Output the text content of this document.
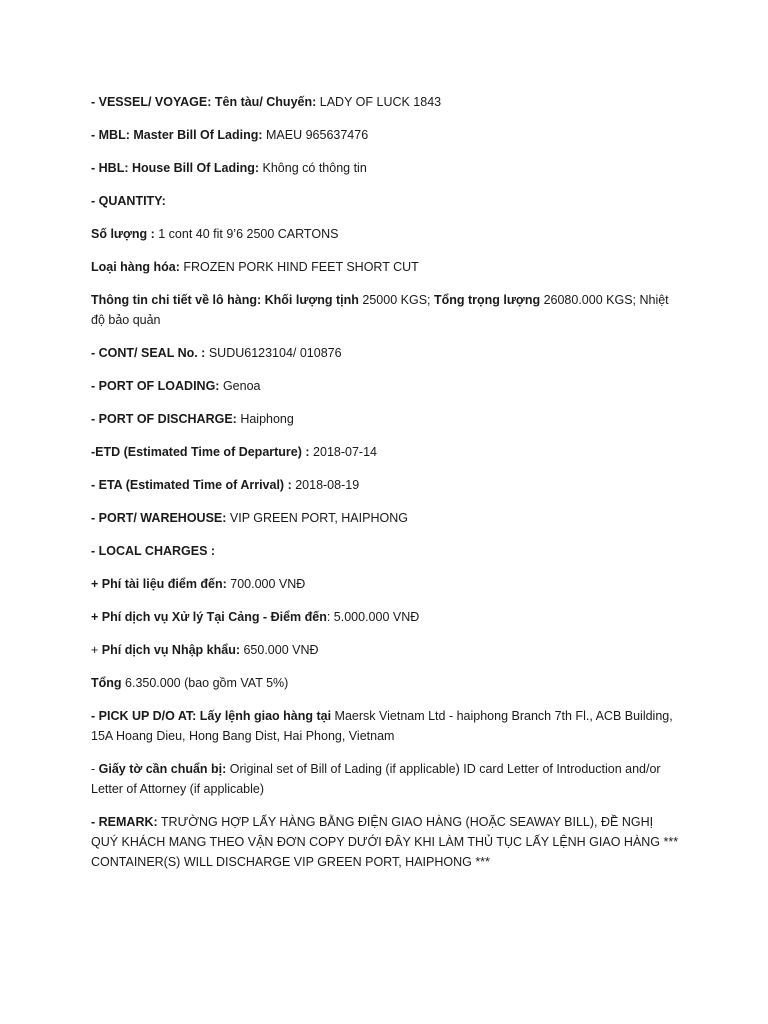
- VESSEL/ VOYAGE: Tên tàu/ Chuyến: LADY OF LUCK 1843

- MBL: Master Bill Of Lading: MAEU 965637476

- HBL: House Bill Of Lading: Không có thông tin

- QUANTITY:

Số lượng : 1 cont 40 fit 9’6 2500 CARTONS

Loại hàng hóa: FROZEN PORK HIND FEET SHORT CUT

Thông tin chi tiết về lô hàng: Khối lượng tịnh 25000 KGS; Tổng trọng lượng 26080.000 KGS; Nhiệt độ bảo quản

- CONT/ SEAL No. : SUDU6123104/ 010876

- PORT OF LOADING: Genoa

- PORT OF DISCHARGE: Haiphong

-ETD (Estimated Time of Departure) : 2018-07-14

- ETA (Estimated Time of Arrival) : 2018-08-19

- PORT/ WAREHOUSE: VIP GREEN PORT, HAIPHONG

- LOCAL CHARGES :

+ Phí tài liệu điểm đến: 700.000 VNĐ

+ Phí dịch vụ Xử lý Tại Cảng - Điểm đến: 5.000.000 VNĐ

+ Phí dịch vụ Nhập khẩu: 650.000 VNĐ

Tổng 6.350.000 (bao gồm VAT 5%)

- PICK UP D/O AT: Lấy lệnh giao hàng tại Maersk Vietnam Ltd - haiphong Branch 7th Fl., ACB Building, 15A Hoang Dieu, Hong Bang Dist, Hai Phong, Vietnam

- Giấy tờ cần chuẩn bị: Original set of Bill of Lading (if applicable) ID card Letter of Introduction and/or Letter of Attorney (if applicable)

- REMARK: TRƯỜNG HỢP LẤY HÀNG BẰNG ĐIỆN GIAO HÀNG (HOẶC SEAWAY BILL), ĐỀ NGHỊ QUÝ KHÁCH MANG THEO VẬN ĐƠN COPY DƯỚI ĐÂY KHI LÀM THỦ TỤC LẤY LỆNH GIAO HÀNG *** CONTAINER(S) WILL DISCHARGE VIP GREEN PORT, HAIPHONG ***
